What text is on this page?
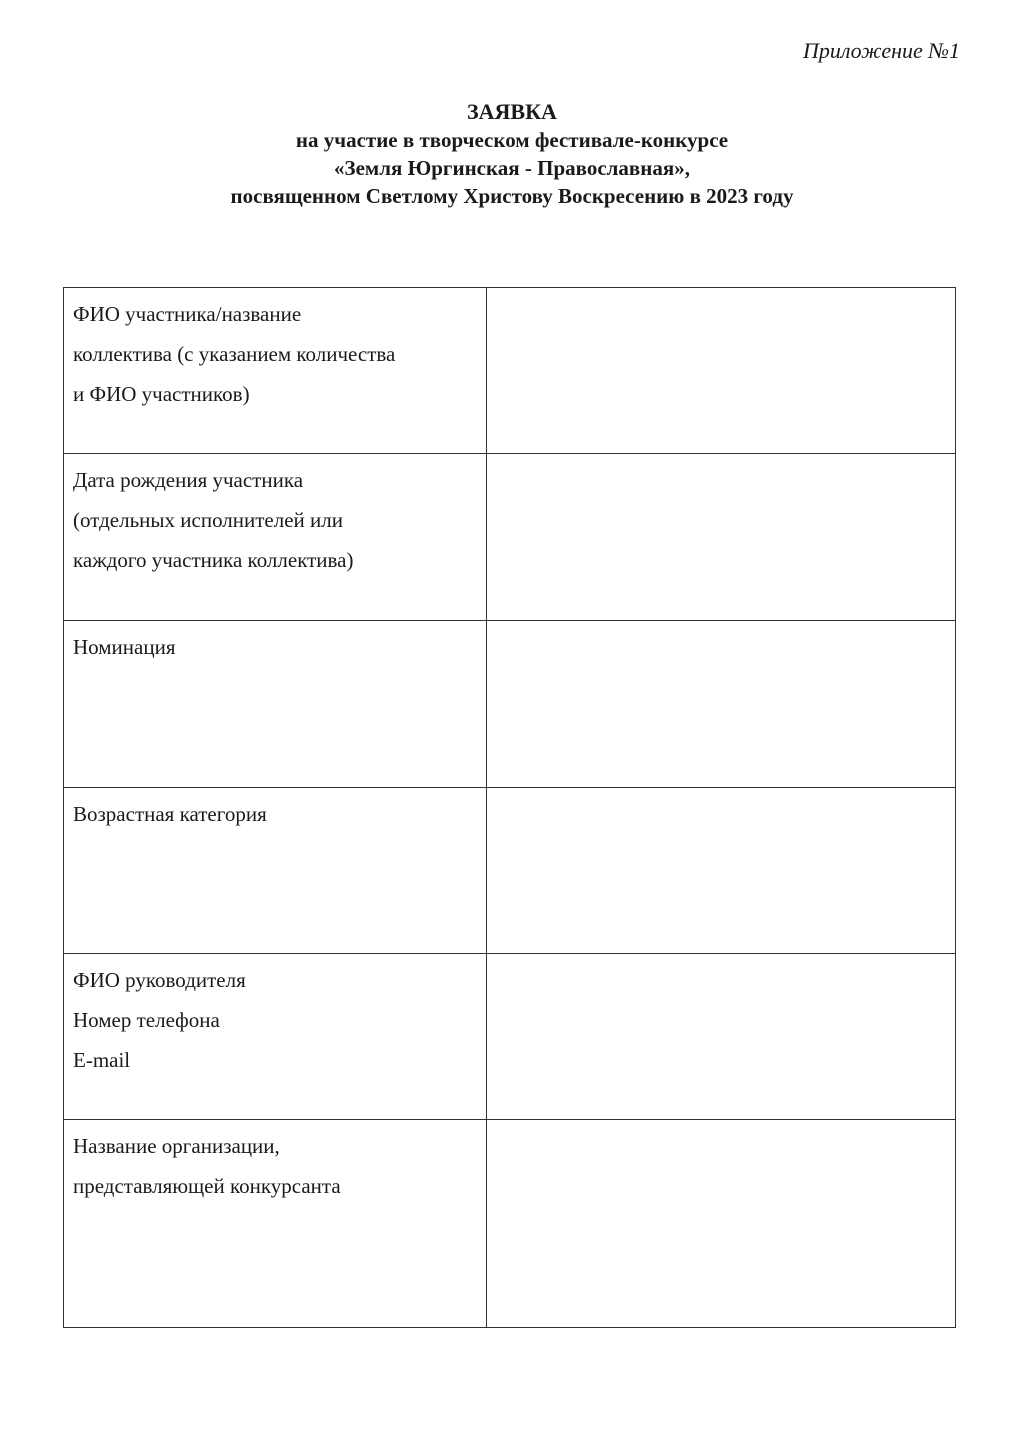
Приложение №1
ЗАЯВКА
на участие в творческом фестивале-конкурсе
«Земля Юргинская - Православная»,
посвященном Светлому Христову Воскресению в 2023 году
ФИО участника/название
коллектива (с указанием количества
и ФИО участников)	

Дата рождения участника
(отдельных исполнителей или
каждого участника коллектива)	

Номинация	

Возрастная категория	

ФИО руководителя
Номер телефона
E-mail	

Название организации,
представляющей конкурсанта	
